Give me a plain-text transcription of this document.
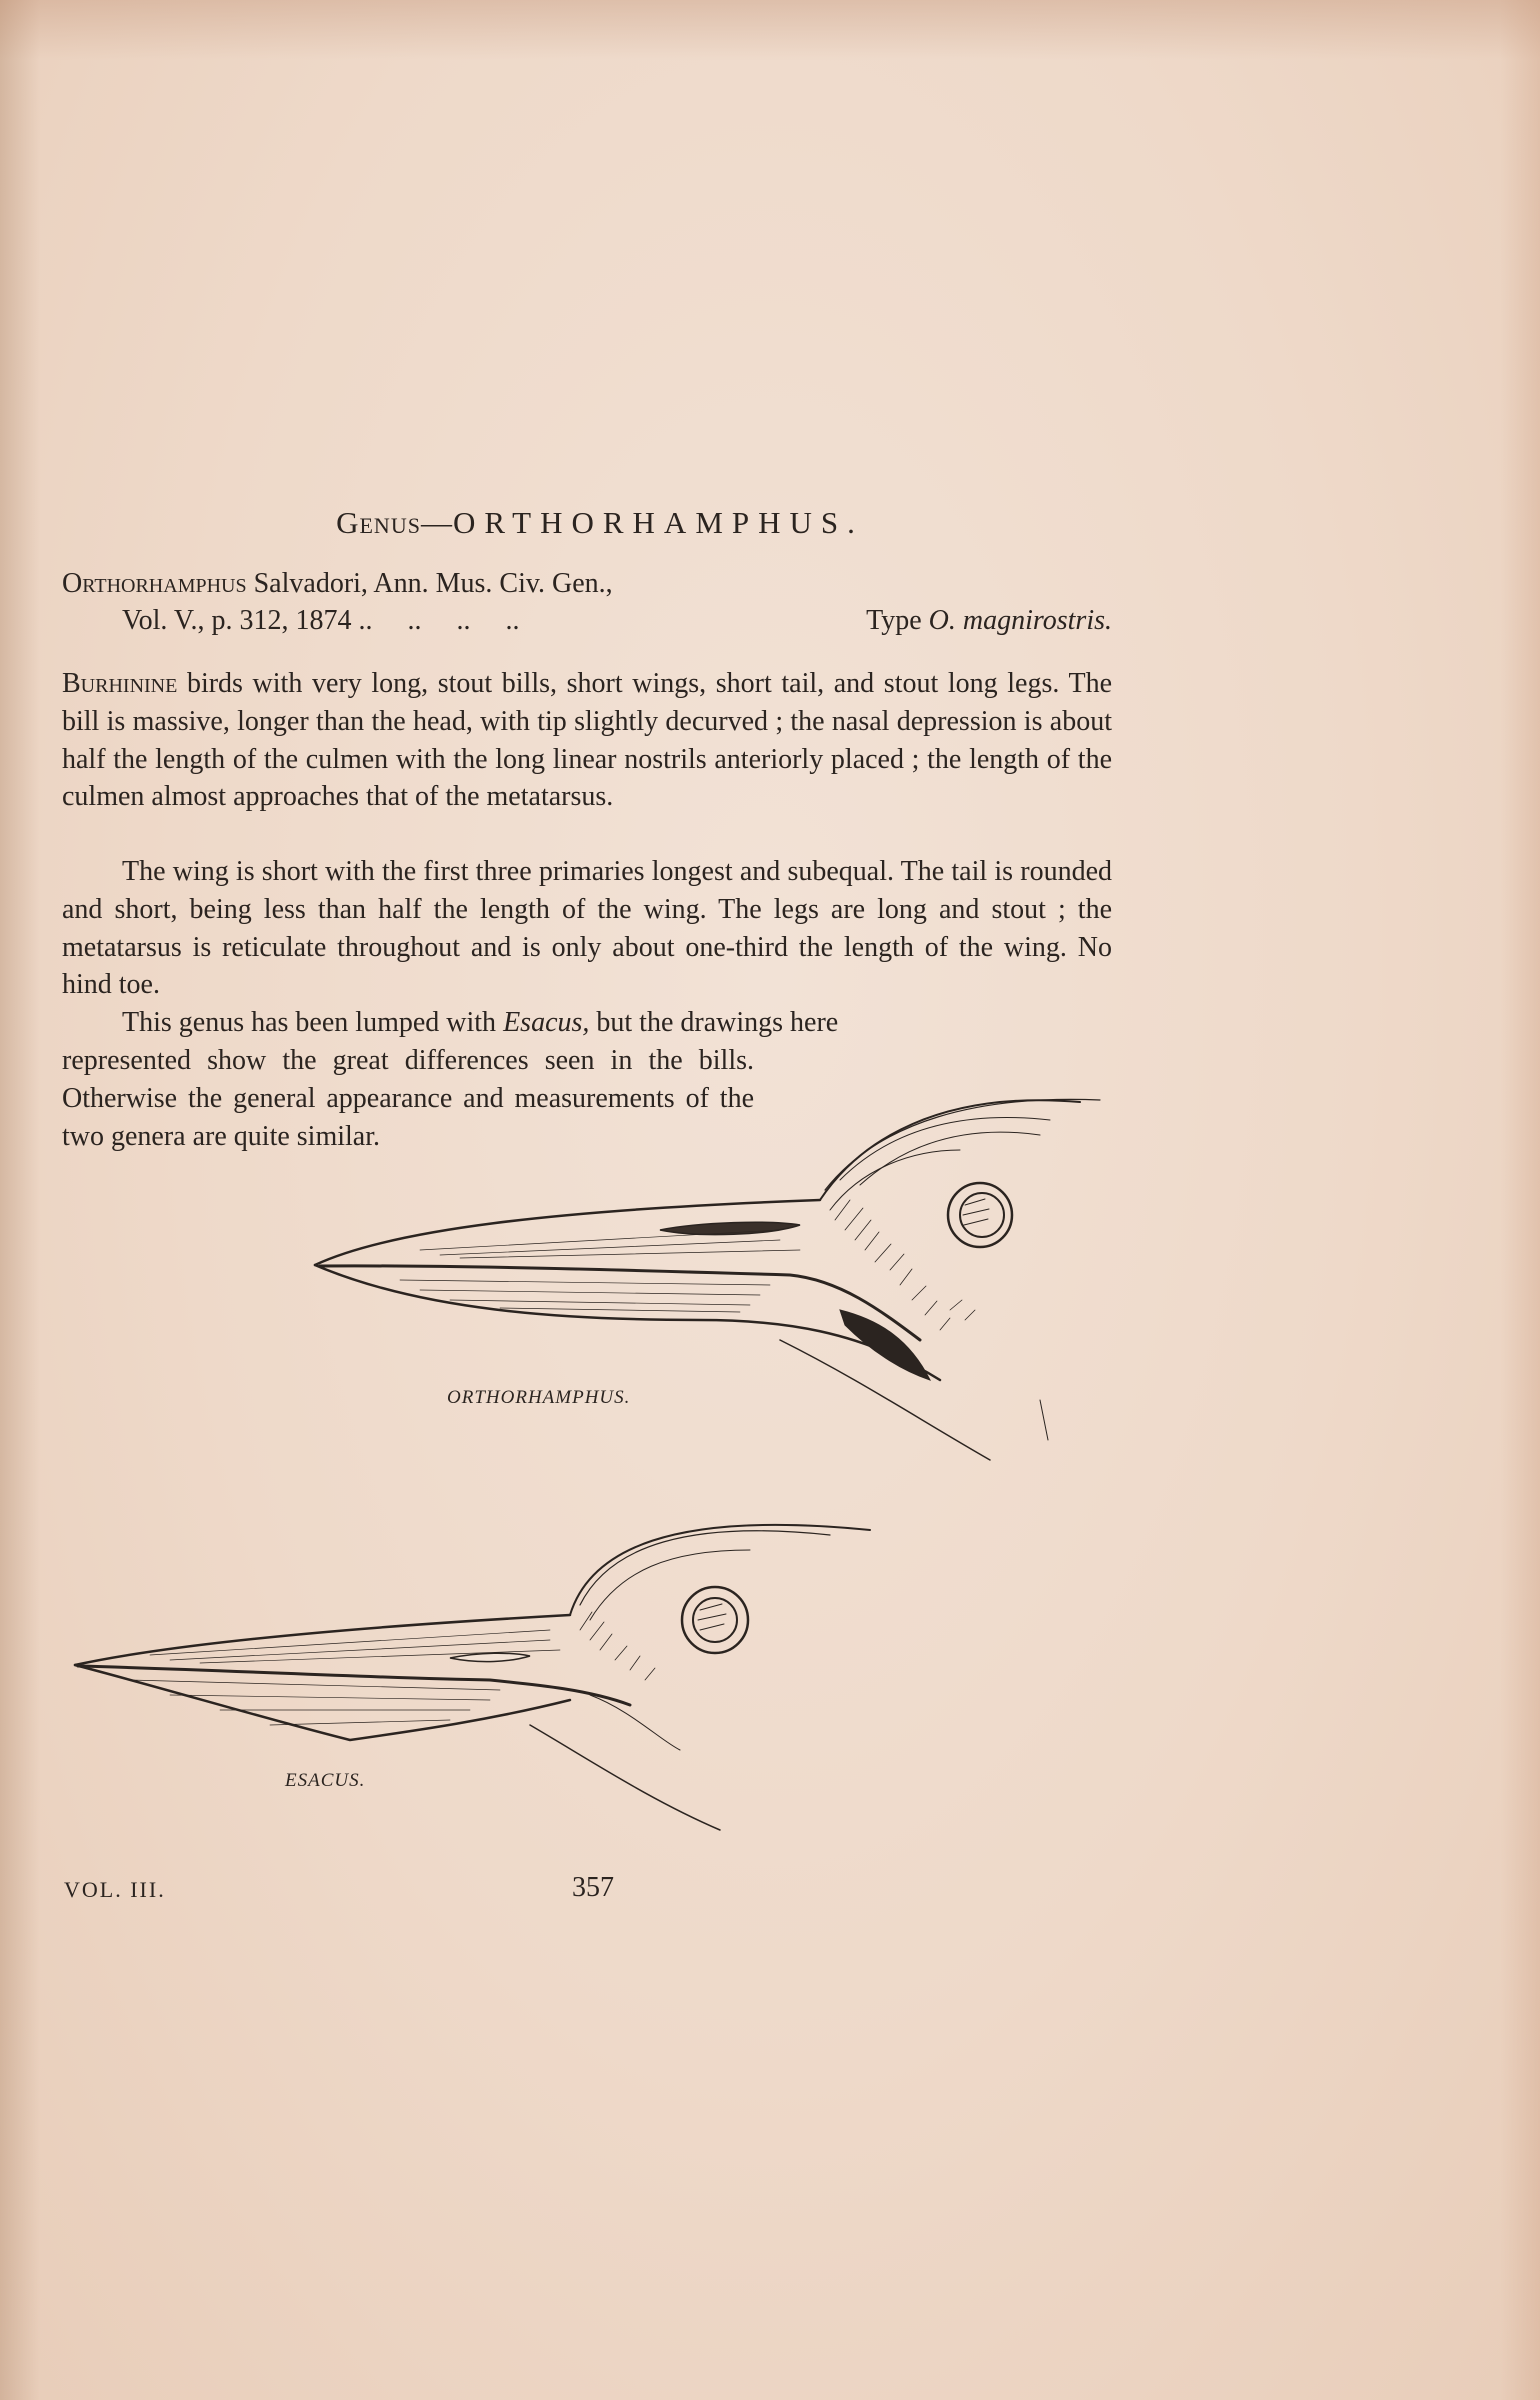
Genus—ORTHORHAMPHUS.
Orthorhamphus Salvadori, Ann. Mus. Civ. Gen.,
Vol. V., p. 312, 1874 ..     ..     ..     ..	Type O. magnirostris.
Burhinine birds with very long, stout bills, short wings, short tail, and stout long legs. The bill is massive, longer than the head, with tip slightly decurved ; the nasal depression is about half the length of the culmen with the long linear nostrils anteriorly placed ; the length of the culmen almost approaches that of the metatarsus.
The wing is short with the first three primaries longest and subequal. The tail is rounded and short, being less than half the length of the wing. The legs are long and stout ; the metatarsus is reticulate throughout and is only about one-third the length of the wing. No hind toe.
This genus has been lumped with Esacus, but the drawings here
represented show the great differences seen in the bills. Otherwise the general appearance and measurements of the two genera are quite similar.
ORTHORHAMPHUS.
ESACUS.
VOL. III.	357
